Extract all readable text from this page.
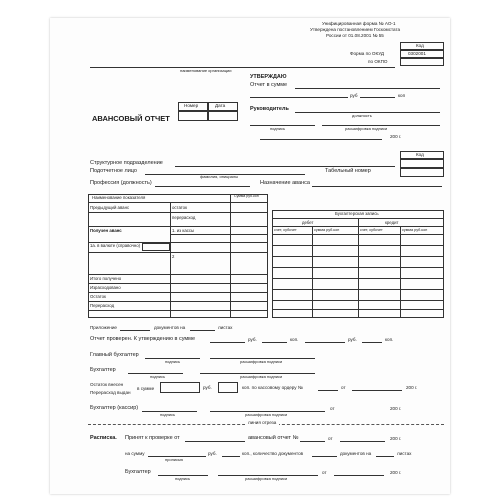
Унифицированная форма № АО-1
Утверждена постановлением Госкомстата
России от 01.08.2001 № 55
Код
0302001
Форма по ОКУД
по ОКПО
наименование организации
УТВЕРЖДАЮ
Отчет в сумме
руб	коп
Руководитель
должность
подпись	расшифровка подписи
200 г.
АВАНСОВЫЙ ОТЧЕТ
Номер	Дата
Код
Структурное подразделение
Подотчетное лицо
фамилия, инициалы
Табельный номер
Профессия (должность)	Назначение аванса
Наименование показателя	Сумма руб.коп
Предыдущий аванс	остаток
перерасход
Получен аванс	1. из кассы
1а. в валюте (справочно)
2
Итого получено
Израсходовано
Остаток
Перерасход
Бухгалтерская запись
дебет	кредит
счет, субсчет	сумма руб.коп	счет, субсчет	сумма руб.коп
Приложение	документов на	листах
Отчет проверен. К утверждению в сумме	руб.	коп.	руб.	коп.
Главный бухгалтер
подпись	расшифровка подписи
Бухгалтер
подпись	расшифровка подписи
Остаток внесен
Перерасход выдан
в сумме	руб.	коп. по кассовому ордеру №	от	200 г.
Бухгалтер (кассир)
подпись	расшифровка подписи
от	200 г.
линия отреза
Расписка. Принят к проверке от	авансовый отчет №	от	200 г.
на сумму	руб.	коп., количество документов	документов на	листах
прописью
Бухгалтер
подпись	расшифровка подписи
от	200 г.
